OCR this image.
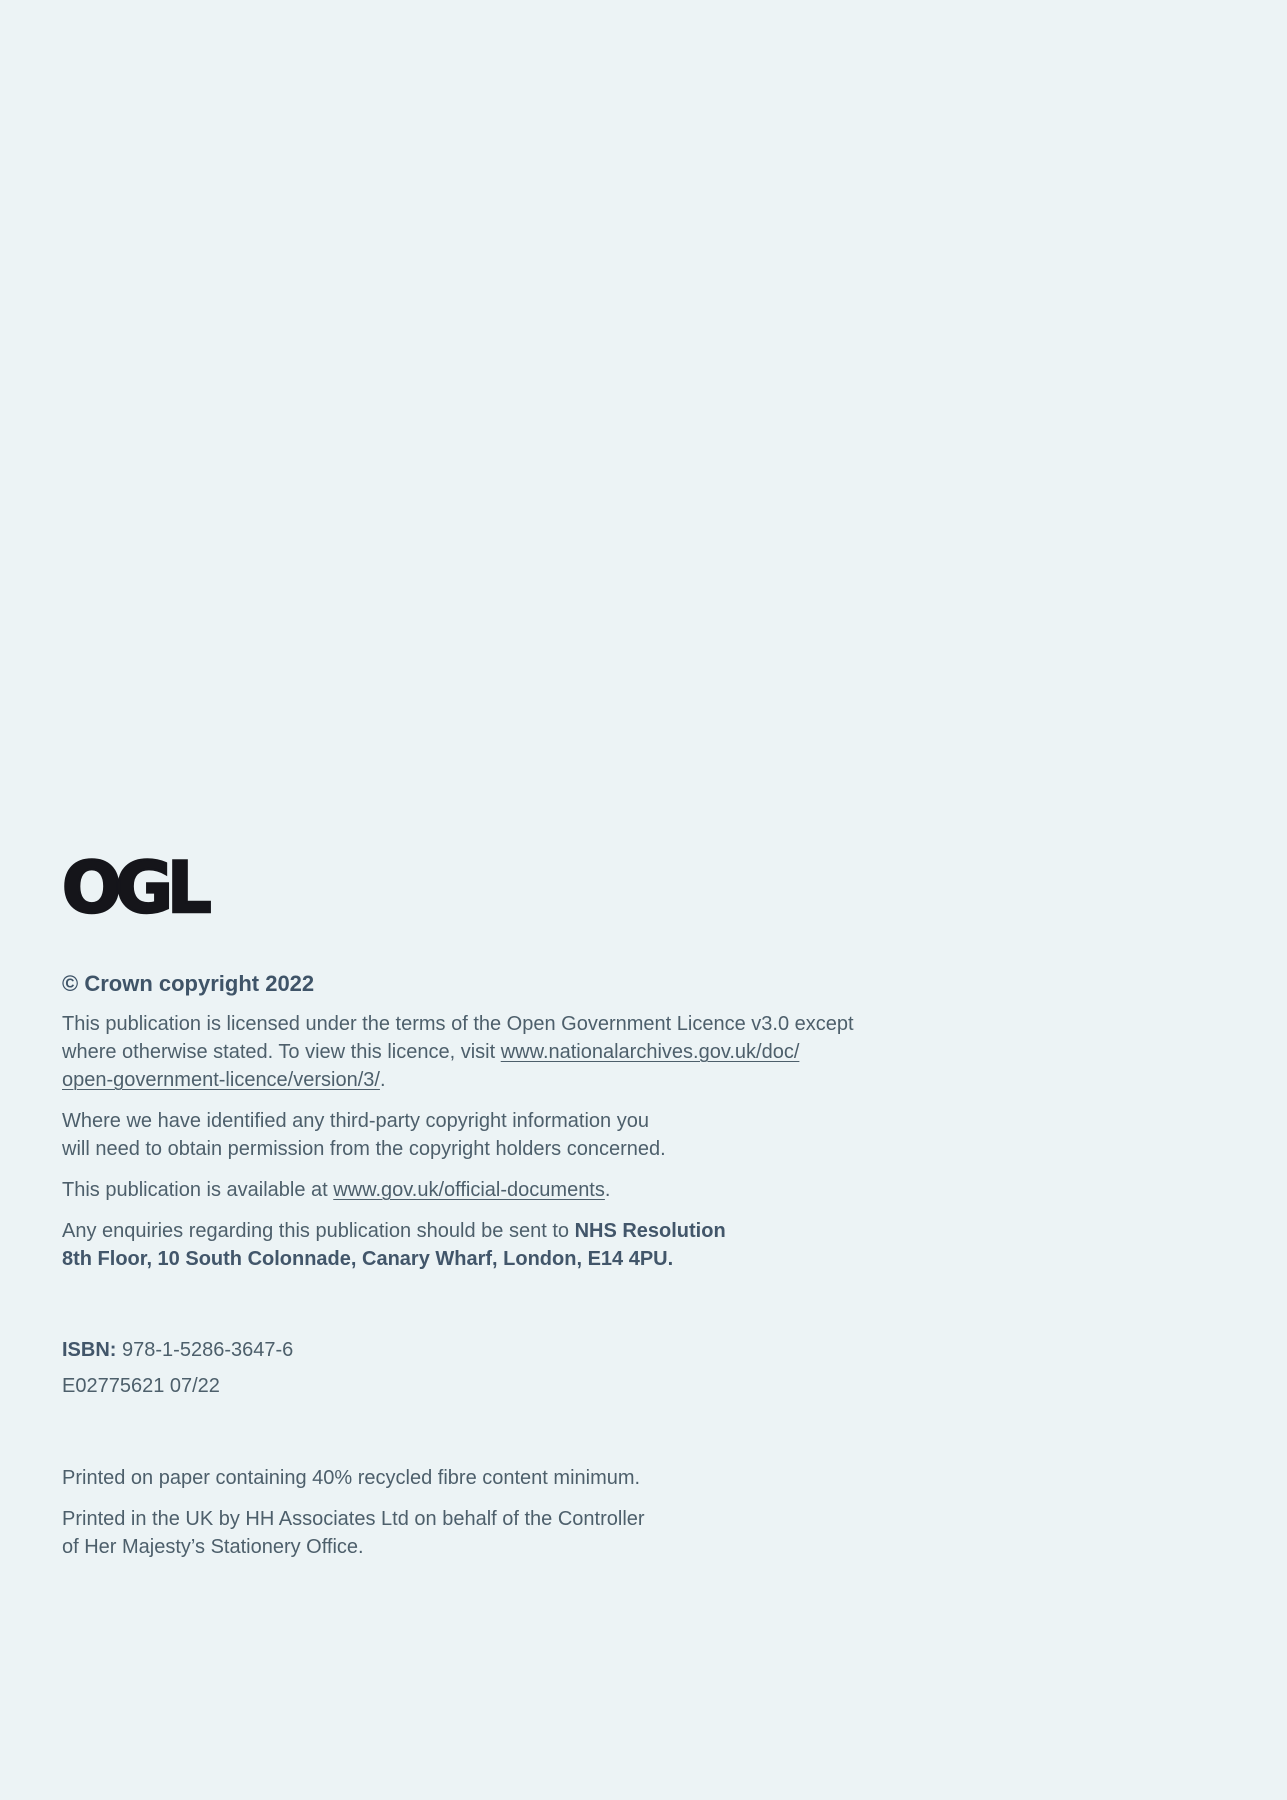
OGL
© Crown copyright 2022

This publication is licensed under the terms of the Open Government Licence v3.0 except
where otherwise stated. To view this licence, visit www.nationalarchives.gov.uk/doc/
open-government-licence/version/3/.

Where we have identified any third-party copyright information you
will need to obtain permission from the copyright holders concerned.

This publication is available at www.gov.uk/official-documents.

Any enquiries regarding this publication should be sent to NHS Resolution
8th Floor, 10 South Colonnade, Canary Wharf, London, E14 4PU.

ISBN: 978-1-5286-3647-6

E02775621 07/22

Printed on paper containing 40% recycled fibre content minimum.

Printed in the UK by HH Associates Ltd on behalf of the Controller
of Her Majesty’s Stationery Office.
